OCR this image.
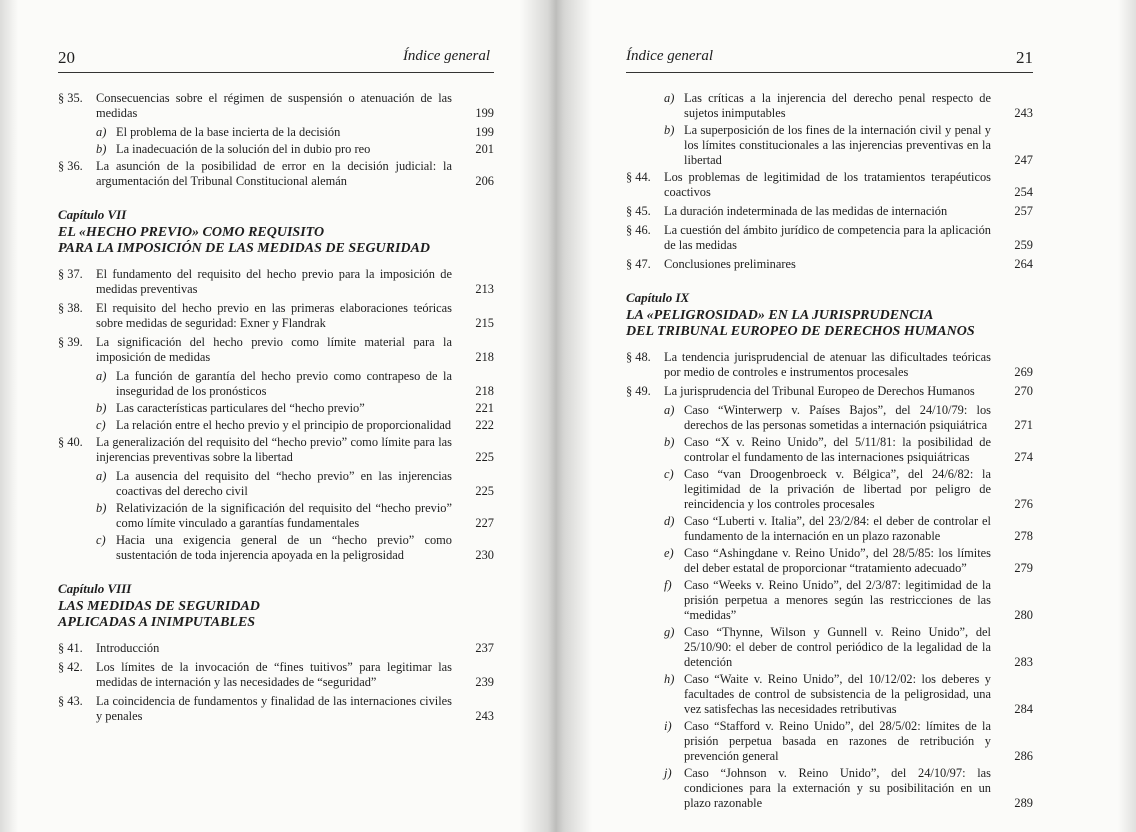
20	Índice general
§ 35.	Consecuencias sobre el régimen de suspensión o atenuación de las medidas	199
a) El problema de la base incierta de la decisión	199
b) La inadecuación de la solución del in dubio pro reo	201
§ 36.	La asunción de la posibilidad de error en la decisión judicial: la argumentación del Tribunal Constitucional alemán	206
Capítulo VII
EL «HECHO PREVIO» COMO REQUISITO
PARA LA IMPOSICIÓN DE LAS MEDIDAS DE SEGURIDAD
§ 37.	El fundamento del requisito del hecho previo para la imposición de medidas preventivas	213
§ 38.	El requisito del hecho previo en las primeras elaboraciones teóricas sobre medidas de seguridad: Exner y Flandrak	215
§ 39.	La significación del hecho previo como límite material para la imposición de medidas	218
a) La función de garantía del hecho previo como contrapeso de la inseguridad de los pronósticos	218
b) Las características particulares del “hecho previo”	221
c) La relación entre el hecho previo y el principio de proporcionalidad	222
§ 40.	La generalización del requisito del “hecho previo” como límite para las injerencias preventivas sobre la libertad	225
a) La ausencia del requisito del “hecho previo” en las injerencias coactivas del derecho civil	225
b) Relativización de la significación del requisito del “hecho previo” como límite vinculado a garantías fundamentales	227
c) Hacia una exigencia general de un “hecho previo” como sustentación de toda injerencia apoyada en la peligrosidad	230
Capítulo VIII
LAS MEDIDAS DE SEGURIDAD
APLICADAS A INIMPUTABLES
§ 41.	Introducción	237
§ 42.	Los límites de la invocación de “fines tuitivos” para legitimar las medidas de internación y las necesidades de “seguridad”	239
§ 43.	La coincidencia de fundamentos y finalidad de las internaciones civiles y penales	243
Índice general	21
a) Las críticas a la injerencia del derecho penal respecto de sujetos inimputables	243
b) La superposición de los fines de la internación civil y penal y los límites constitucionales a las injerencias preventivas en la libertad	247
§ 44.	Los problemas de legitimidad de los tratamientos terapéuticos coactivos	254
§ 45.	La duración indeterminada de las medidas de internación	257
§ 46.	La cuestión del ámbito jurídico de competencia para la aplicación de las medidas	259
§ 47.	Conclusiones preliminares	264
Capítulo IX
LA «PELIGROSIDAD» EN LA JURISPRUDENCIA
DEL TRIBUNAL EUROPEO DE DERECHOS HUMANOS
§ 48.	La tendencia jurisprudencial de atenuar las dificultades teóricas por medio de controles e instrumentos procesales	269
§ 49.	La jurisprudencia del Tribunal Europeo de Derechos Humanos	270
a) Caso “Winterwerp v. Países Bajos”, del 24/10/79: los derechos de las personas sometidas a internación psiquiátrica	271
b) Caso “X v. Reino Unido”, del 5/11/81: la posibilidad de controlar el fundamento de las internaciones psiquiátricas	274
c) Caso “van Droogenbroeck v. Bélgica”, del 24/6/82: la legitimidad de la privación de libertad por peligro de reincidencia y los controles procesales	276
d) Caso “Luberti v. Italia”, del 23/2/84: el deber de controlar el fundamento de la internación en un plazo razonable	278
e) Caso “Ashingdane v. Reino Unido”, del 28/5/85: los límites del deber estatal de proporcionar “tratamiento adecuado”	279
f)	Caso “Weeks v. Reino Unido”, del 2/3/87: legitimidad de la prisión perpetua a menores según las restricciones de las “medidas”	280
g) Caso “Thynne, Wilson y Gunnell v. Reino Unido”, del 25/10/90: el deber de control periódico de la legalidad de la detención	283
h) Caso “Waite v. Reino Unido”, del 10/12/02: los deberes y facultades de control de subsistencia de la peligrosidad, una vez satisfechas las necesidades retributivas	284
i)	Caso “Stafford v. Reino Unido”, del 28/5/02: límites de la prisión perpetua basada en razones de retribución y prevención general	286
j)	Caso “Johnson v. Reino Unido”, del 24/10/97: las condiciones para la externación y su posibilitación en un plazo razonable	289
